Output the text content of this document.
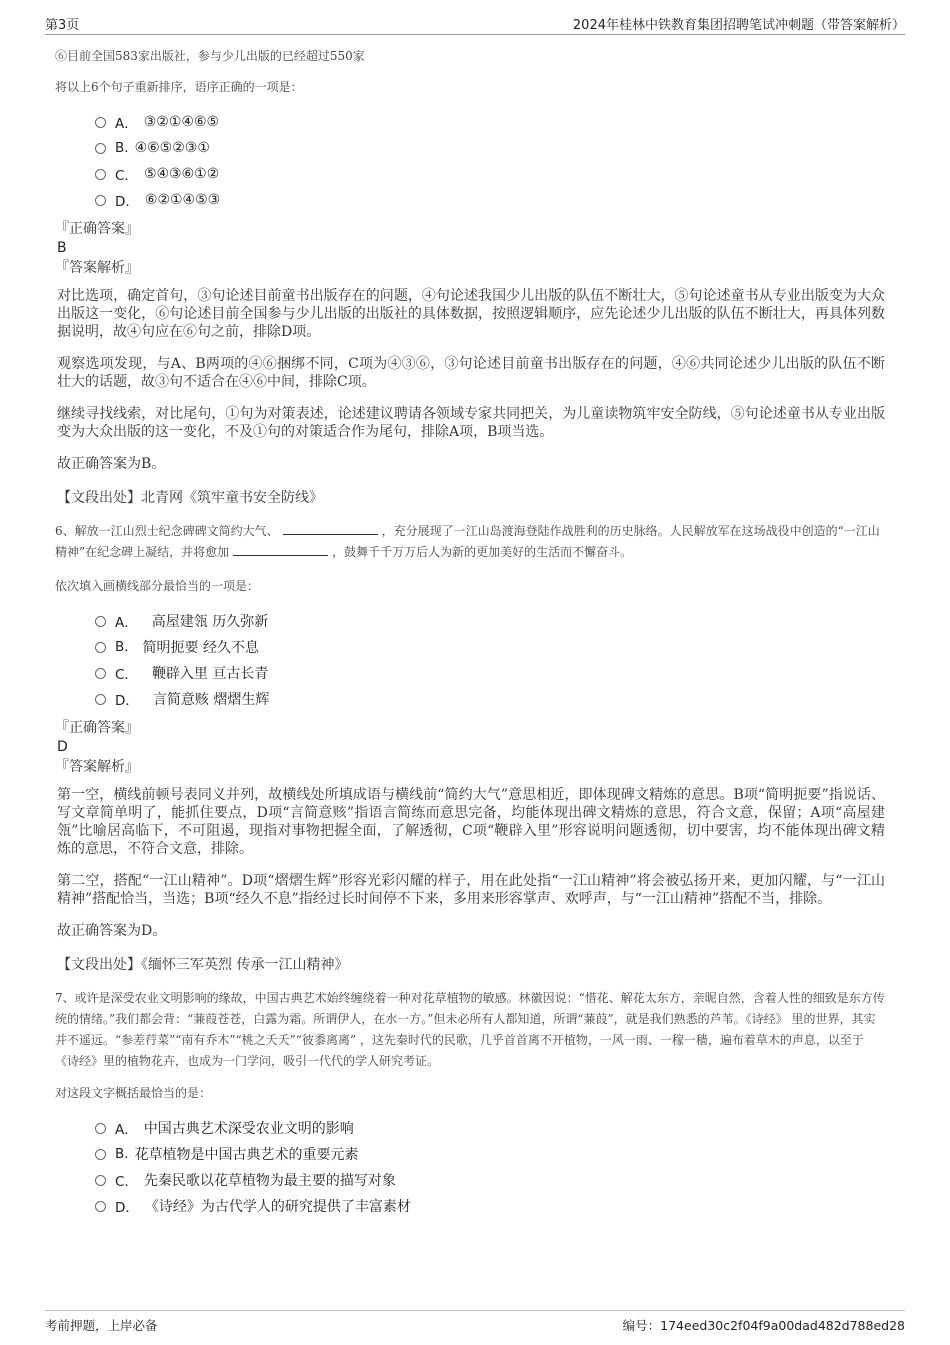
第3页	2024年桂林中铁教育集团招聘笔试冲刺题（带答案解析）
⑥目前全国583家出版社，参与少儿出版的已经超过550家
将以上6个句子重新排序，语序正确的一项是：
A． ③②①④⑥⑤
B. ④⑥⑤②③①
C． ⑤④③⑥①②
D． ⑥②①④⑤③
『正确答案』
B
『答案解析』

对比选项，确定首句，③句论述目前童书出版存在的问题，④句论述我国少儿出版的队伍不断壮大，⑤句论述童书从专业出版变为大众出版这一变化，⑥句论述目前全国参与少儿出版的出版社的具体数据，按照逻辑顺序，应先论述少儿出版的队伍不断壮大，再具体列数据说明，故④句应在⑥句之前，排除D项。

观察选项发现，与A、B两项的④⑥捆绑不同，C项为④③⑥，③句论述目前童书出版存在的问题，④⑥共同论述少儿出版的队伍不断壮大的话题，故③句不适合在④⑥中间，排除C项。

继续寻找线索，对比尾句，①句为对策表述，论述建议聘请各领域专家共同把关，为儿童读物筑牢安全防线，⑤句论述童书从专业出版变为大众出版的这一变化，不及①句的对策适合作为尾句，排除A项，B项当选。

故正确答案为B。

【文段出处】北青网《筑牢童书安全防线》
6、解放一江山烈士纪念碑碑文简约大气、	，充分展现了一江山岛渡海登陆作战胜利的历史脉络。人民解放军在这场战役中创造的“一江山精神”在纪念碑上凝结，并将愈加	，鼓舞千千万万后人为新的更加美好的生活而不懈奋斗。
依次填入画横线部分最恰当的一项是：
A． 高屋建瓴 历久弥新
B. 简明扼要 经久不息
C． 鞭辟入里 亘古长青
D． 言简意赅 熠熠生辉
『正确答案』
D
『答案解析』

第一空，横线前顿号表同义并列，故横线处所填成语与横线前“简约大气”意思相近，即体现碑文精炼的意思。B项“简明扼要”指说话、写文章简单明了，能抓住要点，D项“言简意赅”指语言简练而意思完备，均能体现出碑文精炼的意思，符合文意，保留；A项“高屋建瓴”比喻居高临下，不可阻遏，现指对事物把握全面，了解透彻，C项“鞭辟入里”形容说明问题透彻，切中要害，均不能体现出碑文精炼的意思，不符合文意，排除。

第二空，搭配“一江山精神”。D项“熠熠生辉”形容光彩闪耀的样子，用在此处指“一江山精神”将会被弘扬开来，更加闪耀，与“一江山精神”搭配恰当，当选；B项“经久不息”指经过长时间停不下来，多用来形容掌声、欢呼声，与“一江山精神”搭配不当，排除。

故正确答案为D。

【文段出处】《缅怀三军英烈 传承一江山精神》
7、或许是深受农业文明影响的缘故，中国古典艺术始终缠绕着一种对花草植物的敏感。林徽因说：“惜花、解花太东方，亲昵自然，含着人性的细致是东方传统的情绪。”我们都会背：“蒹葭苍苍，白露为霜。所谓伊人，在水一方。”但未必所有人都知道，所谓“蒹葭”，就是我们熟悉的芦苇。《诗经》 里的世界，其实并不遥远。“参差荇菜”“南有乔木”“桃之夭夭”“彼黍离离” ，这先秦时代的民歌，几乎首首离不开植物，一风一雨、一稼一穑，遍布着草木的声息，以至于《诗经》里的植物花卉，也成为一门学问，吸引一代代的学人研究考证。
对这段文字概括最恰当的是：
A． 中国古典艺术深受农业文明的影响
B. 花草植物是中国古典艺术的重要元素
C． 先秦民歌以花草植物为最主要的描写对象
D． 《诗经》为古代学人的研究提供了丰富素材
考前押题，上岸必备	编号：174eed30c2f04f9a00dad482d788ed28
